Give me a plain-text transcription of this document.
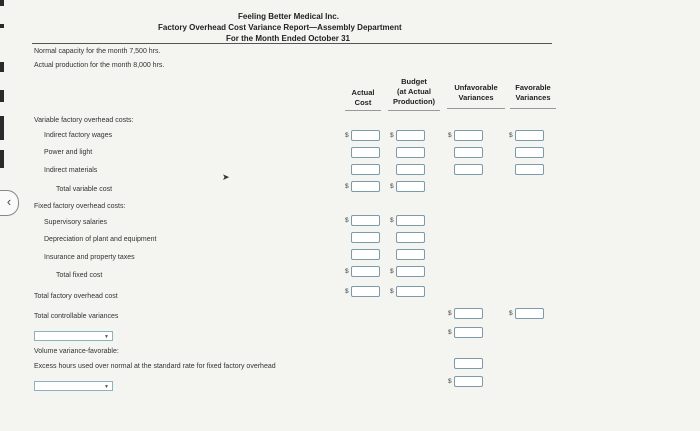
‹
Feeling Better Medical Inc.
Factory Overhead Cost Variance Report—Assembly Department
For the Month Ended October 31
Normal capacity for the month 7,500 hrs.
Actual production for the month 8,000 hrs.
Actual
Cost
Budget
(at Actual
Production)
Unfavorable
Variances
Favorable
Variances
Variable factory overhead costs:
Indirect factory wages
Power and light
Indirect materials
Total variable cost
Fixed factory overhead costs:
Supervisory salaries
Depreciation of plant and equipment
Insurance and property taxes
Total fixed cost
Total factory overhead cost
Total controllable variances
▼
Volume variance-favorable:
Excess hours used over normal at the standard rate for fixed factory overhead
▼
➤
$
$
$
$
$
$
$
$
$
$
$
$
$
$
$
$
